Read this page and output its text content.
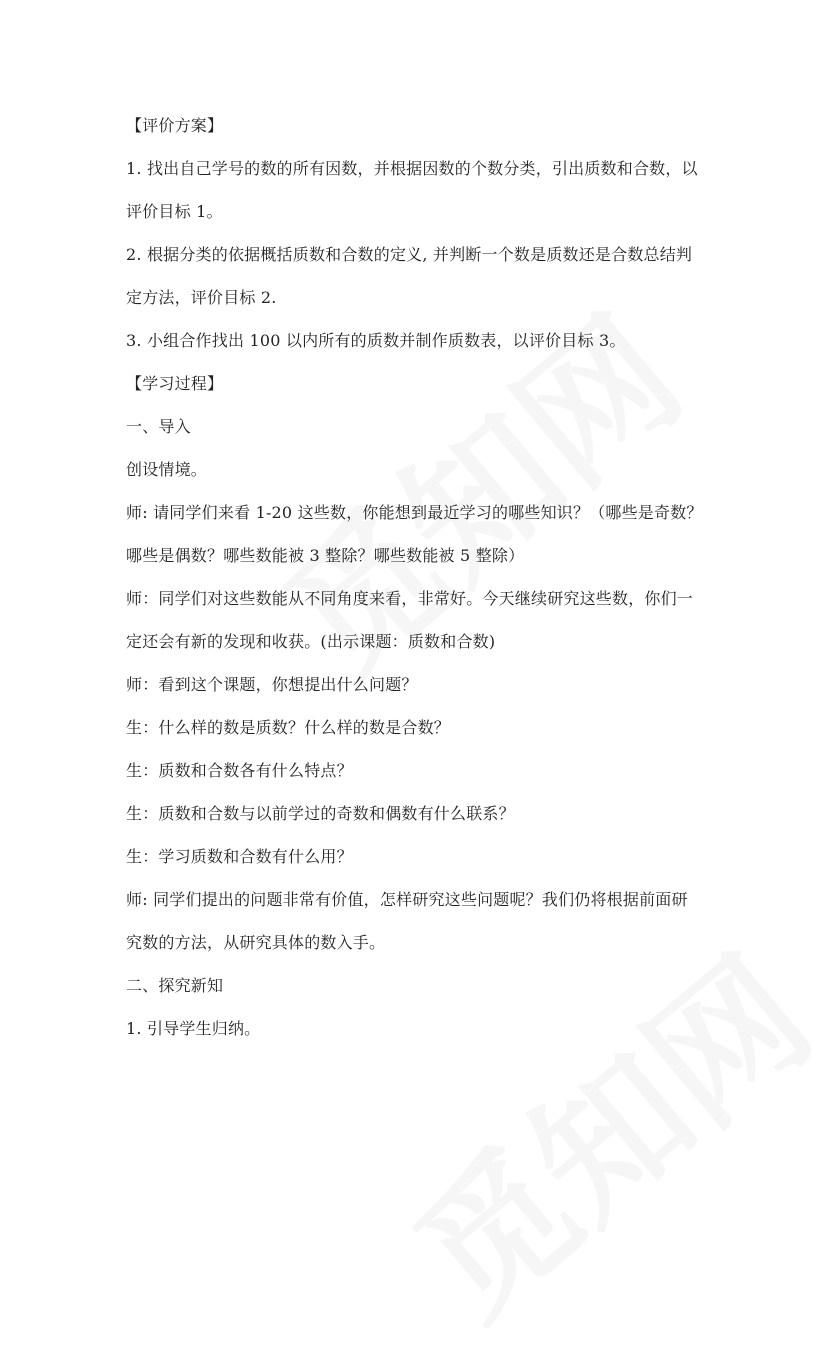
【评价方案】
1. 找出自己学号的数的所有因数，并根据因数的个数分类，引出质数和合数，以
评价目标 1。
2. 根据分类的依据概括质数和合数的定义, 并判断一个数是质数还是合数总结判
定方法，评价目标 2.
3. 小组合作找出 100 以内所有的质数并制作质数表，以评价目标 3。
【学习过程】
一、导入
创设情境。
师: 请同学们来看 1-20 这些数，你能想到最近学习的哪些知识？（哪些是奇数？
哪些是偶数？哪些数能被 3 整除？哪些数能被 5 整除）
师：同学们对这些数能从不同角度来看，非常好。今天继续研究这些数，你们一
定还会有新的发现和收获。(出示课题：质数和合数)
师：看到这个课题，你想提出什么问题？
生：什么样的数是质数？什么样的数是合数？
生：质数和合数各有什么特点？
生：质数和合数与以前学过的奇数和偶数有什么联系？
生：学习质数和合数有什么用？
师: 同学们提出的问题非常有价值，怎样研究这些问题呢？我们仍将根据前面研
究数的方法，从研究具体的数入手。
二、探究新知
1. 引导学生归纳。
